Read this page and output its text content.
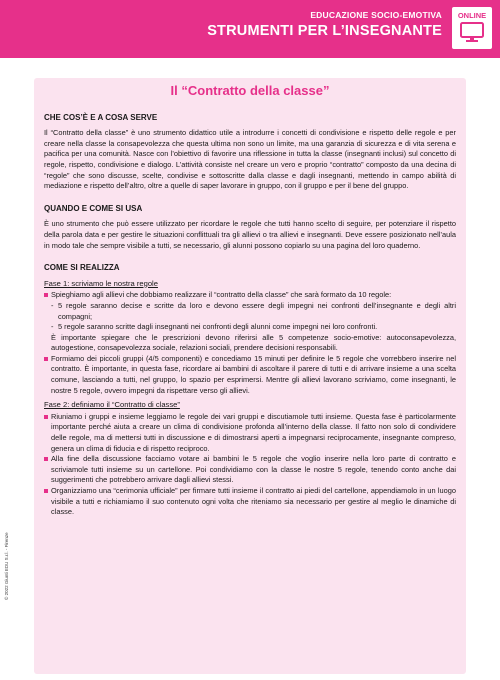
EDUCAZIONE SOCIO-EMOTIVA
STRUMENTI PER L’INSEGNANTE
ONLINE
© 2022 Giunti EDU S.r.l. - Firenze
Il “Contratto della classe”
CHE COS’È E A COSA SERVE

Il “Contratto della classe” è uno strumento didattico utile a introdurre i concetti di condivisione e rispetto delle regole e per creare nella classe la consapevolezza che questa ultima non sono un limite, ma una garanzia di sicurezza e di vita serena e pacifica per una comunità. Nasce con l’obiettivo di favorire una riflessione in tutta la classe (insegnanti inclusi) sul concetto di regole, rispetto, condivisione e dialogo. L’attività consiste nel creare un vero e proprio “contratto” composto da una decina di “regole” che sono discusse, scelte, condivise e sottoscritte dalla classe e dagli insegnanti, mettendo in campo abilità di mediazione e rispetto dell’altro, oltre a quelle di saper lavorare in gruppo, con il gruppo e per il bene del gruppo.

QUANDO E COME SI USA

È uno strumento che può essere utilizzato per ricordare le regole che tutti hanno scelto di seguire, per potenziare il rispetto della parola data e per gestire le situazioni conflittuali tra gli allievi o tra allievi e insegnanti. Deve essere posizionato nell’aula in modo tale che sempre visibile a tutti, se necessario, gli alunni possono copiarlo su una pagina del loro quaderno.

COME SI REALIZZA
Fase 1: scriviamo le nostra regole
Spieghiamo agli allievi che dobbiamo realizzare il “contratto della classe” che sarà formato da 10 regole:
- 5 regole saranno decise e scritte da loro e devono essere degli impegni nei confronti dell’insegnante e degli altri compagni;
- 5 regole saranno scritte dagli insegnanti nei confronti degli alunni come impegni nei loro confronti.
È importante spiegare che le prescrizioni devono riferirsi alle 5 competenze socio-emotive: autoconsapevolezza, autogestione, consapevolezza sociale, relazioni sociali, prendere decisioni responsabili.
Formiamo dei piccoli gruppi (4/5 componenti) e concediamo 15 minuti per definire le 5 regole che vorrebbero inserire nel contratto. È importante, in questa fase, ricordare ai bambini di ascoltare il parere di tutti e di arrivare insieme a una scelta comune, lasciando a tutti, nel gruppo, lo spazio per esprimersi. Mentre gli allievi lavorano scriviamo, come insegnanti, le nostre 5 regole, ovvero impegni da rispettare verso gli allievi.
Fase 2: definiamo il “Contratto di classe”
Riuniamo i gruppi e insieme leggiamo le regole dei vari gruppi e discutiamole tutti insieme. Questa fase è particolarmente importante perché aiuta a creare un clima di condivisione profonda all’interno della classe. Il fatto non solo di condividere delle regole, ma di mettersi tutti in discussione e di dimostrarsi aperti a impegnarsi reciprocamente, insegnante compreso, genera un clima di fiducia e di rispetto reciproco.
Alla fine della discussione facciamo votare ai bambini le 5 regole che voglio inserire nella loro parte di contratto e scriviamole tutti insieme su un cartellone. Poi condividiamo con la classe le nostre 5 regole, tenendo conto anche dai suggerimenti che potrebbero arrivare dagli allievi stessi.
Organizziamo una “cerimonia ufficiale” per firmare tutti insieme il contratto ai piedi del cartellone, appendiamolo in un luogo visibile a tutti e richiamiamo il suo contenuto ogni volta che riteniamo sia necessario per gestire al meglio le dinamiche di classe.
